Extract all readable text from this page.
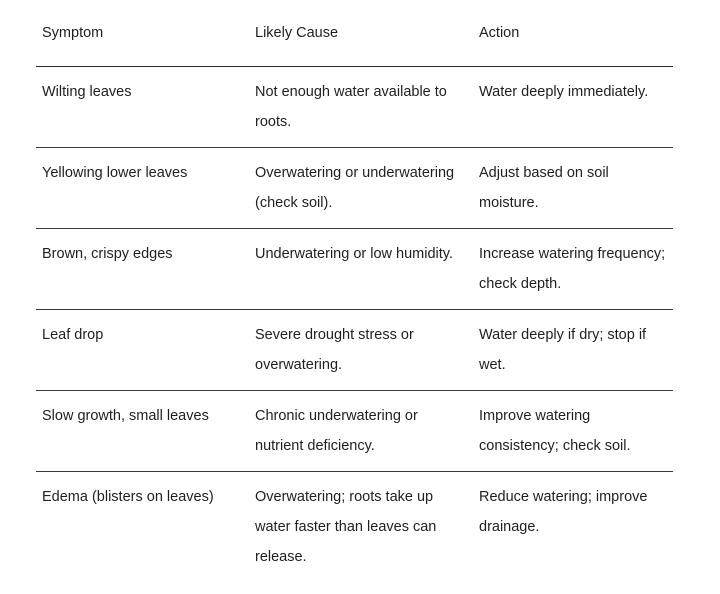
Symptom	Likely Cause	Action
Wilting leaves	Not enough water available to roots.	Water deeply immediately.
Yellowing lower leaves	Overwatering or underwatering (check soil).	Adjust based on soil moisture.
Brown, crispy edges	Underwatering or low humidity.	Increase watering frequency; check depth.
Leaf drop	Severe drought stress or overwatering.	Water deeply if dry; stop if wet.
Slow growth, small leaves	Chronic underwatering or nutrient deficiency.	Improve watering consistency; check soil.
Edema (blisters on leaves)	Overwatering; roots take up water faster than leaves can release.	Reduce watering; improve drainage.
